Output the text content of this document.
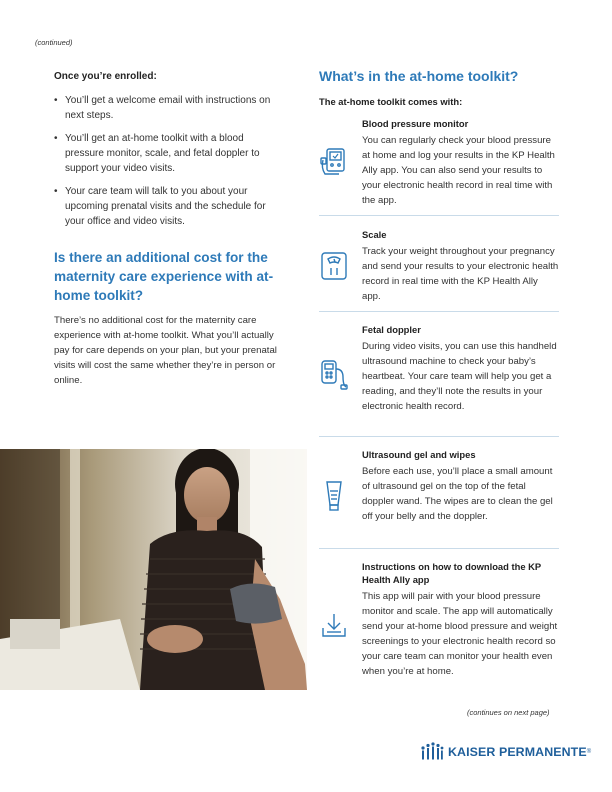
(continued)
Once you’re enrolled:
• You’ll get a welcome email with instructions on next steps.
• You’ll get an at-home toolkit with a blood pressure monitor, scale, and fetal doppler to support your video visits.
• Your care team will talk to you about your upcoming prenatal visits and the schedule for your office and video visits.
Is there an additional cost for the maternity care experience with at-home toolkit?
There’s no additional cost for the maternity care experience with at-home toolkit. What you’ll actually pay for care depends on your plan, but your prenatal visits will cost the same whether they’re in person or online.
What’s in the at-home toolkit?
The at-home toolkit comes with:
Blood pressure monitor
You can regularly check your blood pressure at home and log your results in the KP Health Ally app. You can also send your results to your electronic health record in real time with the app.
Scale
Track your weight throughout your pregnancy and send your results to your electronic health record in real time with the KP Health Ally app.
Fetal doppler
During video visits, you can use this handheld ultrasound machine to check your baby’s heartbeat. Your care team will help you get a reading, and they’ll note the results in your electronic health record.
Ultrasound gel and wipes
Before each use, you’ll place a small amount of ultrasound gel on the top of the fetal doppler wand. The wipes are to clean the gel off your belly and the doppler.
Instructions on how to download the KP Health Ally app
This app will pair with your blood pressure monitor and scale. The app will automatically send your at-home blood pressure and weight screenings to your electronic health record so your care team can monitor your health even when you’re at home.
(continues on next page)
KAISER PERMANENTE ®
